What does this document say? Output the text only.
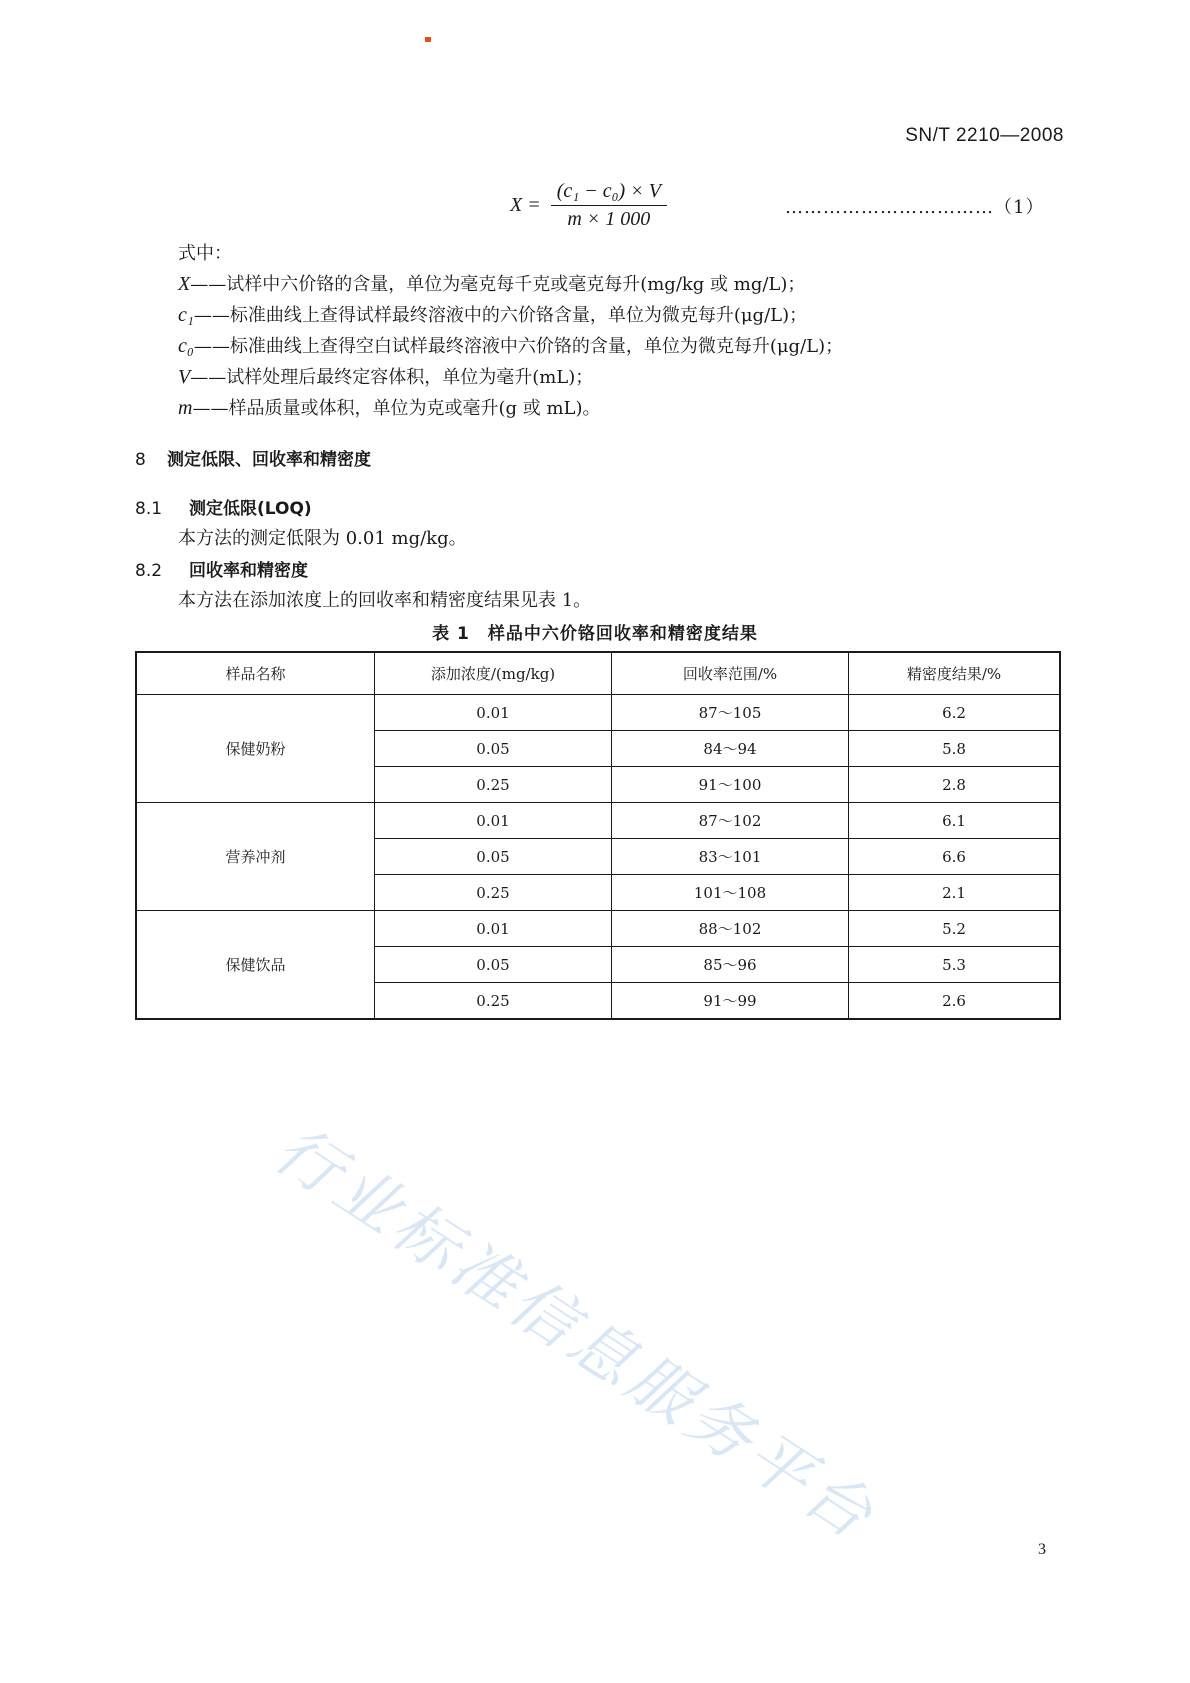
SN/T 2210—2008
$X = \frac{\text{(c₁ − c₀) × V}}{m \times 1 000}$	……………………………（1）
式中：
X——试样中六价铬的含量，单位为毫克每千克或毫克每升(mg/kg 或 mg/L)；
c₁——标准曲线上查得试样最终溶液中的六价铬含量，单位为微克每升(μg/L)；
c₀——标准曲线上查得空白试样最终溶液中六价铬的含量，单位为微克每升(μg/L)；
V——试样处理后最终定容体积，单位为毫升(mL)；
m——样品质量或体积，单位为克或毫升(g 或 mL)。
8 测定低限、回收率和精密度
8.1 测定低限(LOQ)
本方法的测定低限为 0.01 mg/kg。
8.2 回收率和精密度
本方法在添加浓度上的回收率和精密度结果见表 1。
表 1　样品中六价铬回收率和精密度结果
样品名称	添加浓度/(mg/kg)	回收率范围/%	精密度结果/%
保健奶粉	0.01	87～105	6.2
	0.05	84～94	5.8
	0.25	91～100	2.8
营养冲剂	0.01	87～102	6.1
	0.05	83～101	6.6
	0.25	101～108	2.1
保健饮品	0.01	88～102	5.2
	0.05	85～96	5.3
	0.25	91～99	2.6
行业标准信息服务平台	3
